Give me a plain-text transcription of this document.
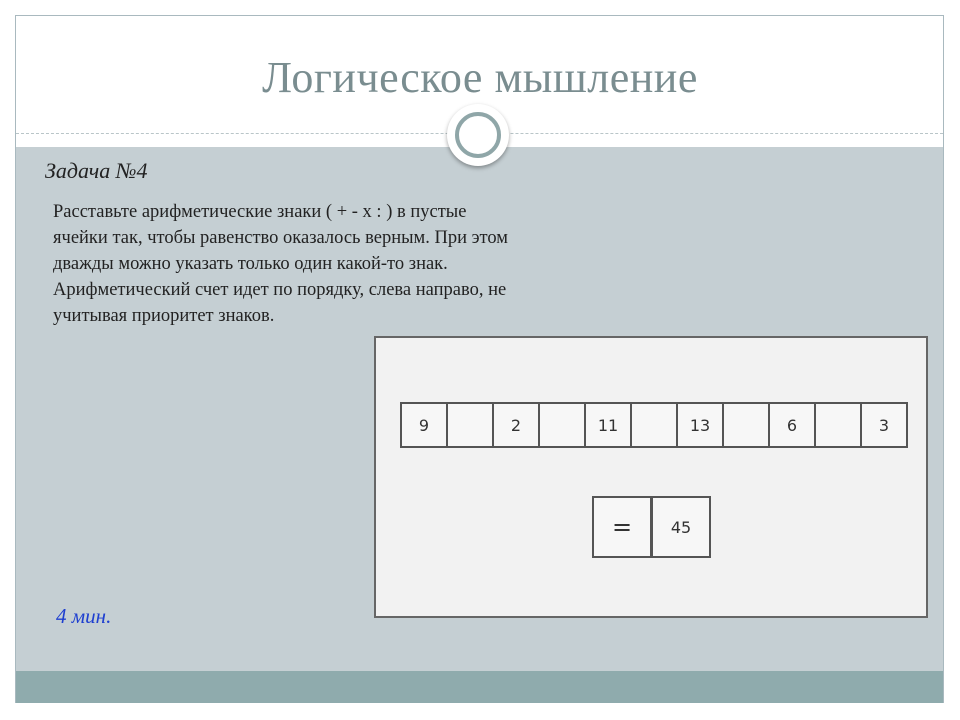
Логическое мышление
Задача №4
Расставьте арифметические знаки ( + - х : ) в пустые ячейки так, чтобы равенство оказалось верным. При этом дважды можно указать только один какой-то знак. Арифметический счет идет по порядку, слева направо, не учитывая приоритет знаков.
9	2	11	13	6	3
=	45
4 мин.
